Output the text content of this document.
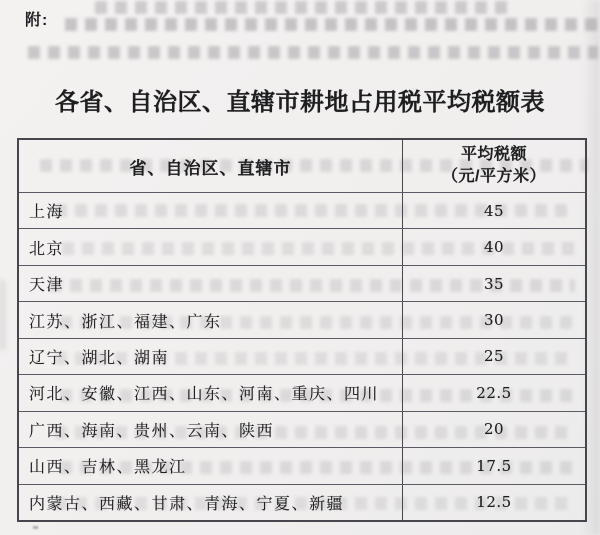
附:
各省、自治区、直辖市耕地占用税平均税额表
省、自治区、直辖市
平均税额
（元/平方米）
上海	45
北京	40
天津	35
江苏、浙江、福建、广东	30
辽宁、湖北、湖南	25
河北、安徽、江西、山东、河南、重庆、四川	22.5
广西、海南、贵州、云南、陕西	20
山西、吉林、黑龙江	17.5
内蒙古、西藏、甘肃、青海、宁夏、新疆	12.5
